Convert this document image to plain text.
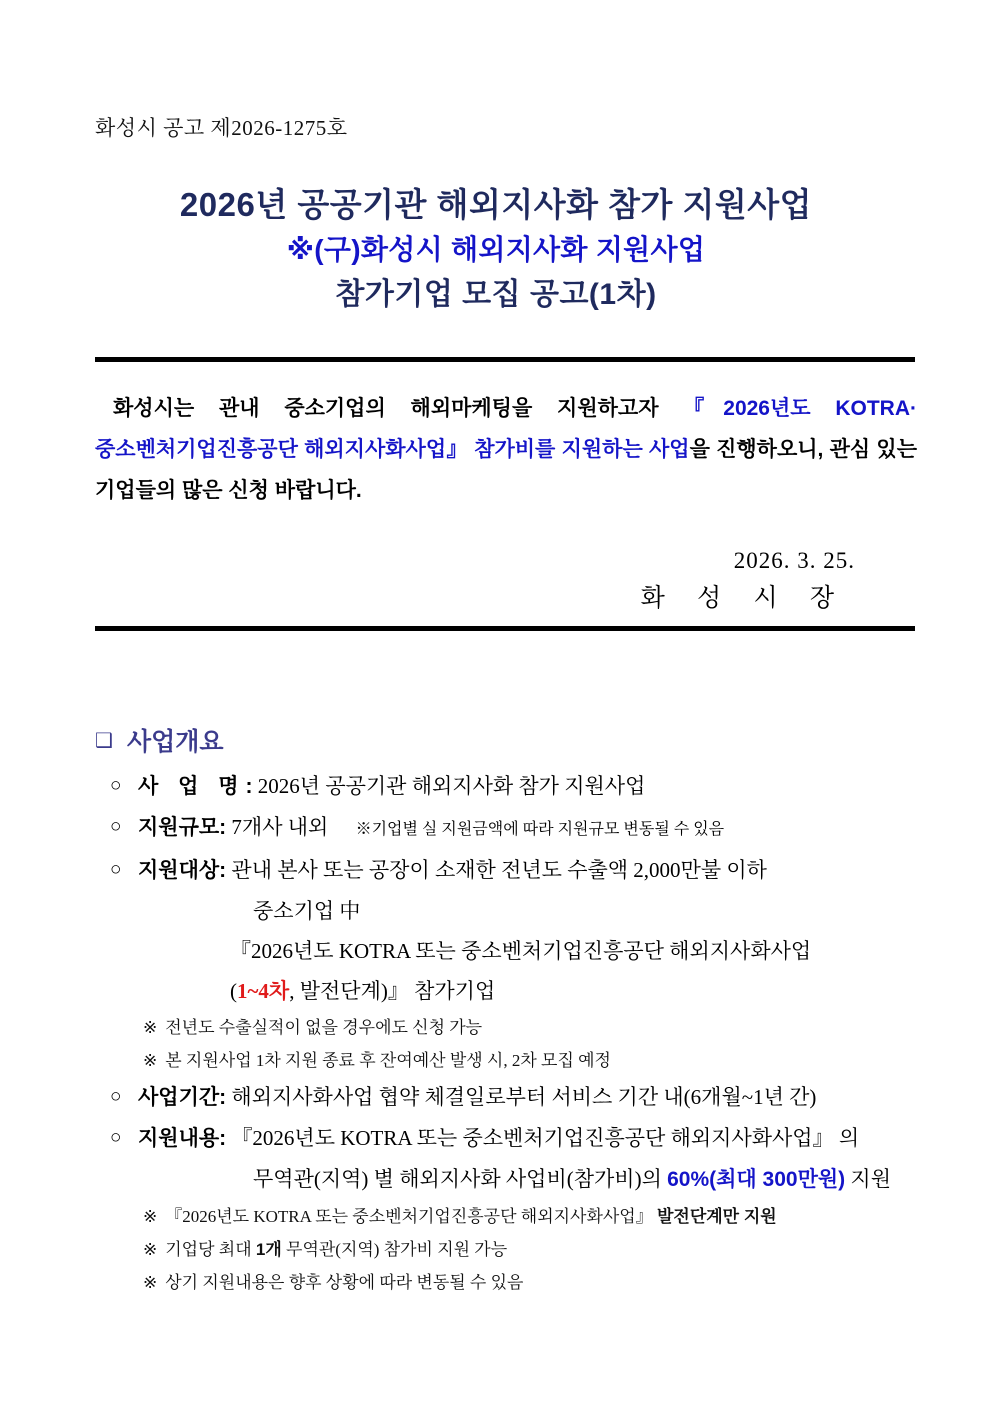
화성시 공고 제2026-1275호
2026년 공공기관 해외지사화 참가 지원사업
※(구)화성시 해외지사화 지원사업
참가기업 모집 공고(1차)
화성시는 관내 중소기업의 해외마케팅을 지원하고자 『2026년도 KOTRA·중소벤처기업진흥공단 해외지사화사업』 참가비를 지원하는 사업을 진행하오니, 관심 있는 기업들의 많은 신청 바랍니다.
2026. 3. 25.
화 성 시 장
❑ 사업개요
○ 사 업 명: 2026년 공공기관 해외지사화 참가 지원사업
○ 지원규모: 7개사 내외 ※기업별 실 지원금액에 따라 지원규모 변동될 수 있음
○ 지원대상: 관내 본사 또는 공장이 소재한 전년도 수출액 2,000만불 이하
중소기업 中
『2026년도 KOTRA 또는 중소벤처기업진흥공단 해외지사화사업
(1~4차, 발전단계)』 참가기업
※ 전년도 수출실적이 없을 경우에도 신청 가능
※ 본 지원사업 1차 지원 종료 후 잔여예산 발생 시, 2차 모집 예정
○ 사업기간: 해외지사화사업 협약 체결일로부터 서비스 기간 내(6개월~1년 간)
○ 지원내용: 『2026년도 KOTRA 또는 중소벤처기업진흥공단 해외지사화사업』 의
무역관(지역) 별 해외지사화 사업비(참가비)의 60%(최대 300만원) 지원
※ 『2026년도 KOTRA 또는 중소벤처기업진흥공단 해외지사화사업』 발전단계만 지원
※ 기업당 최대 1개 무역관(지역) 참가비 지원 가능
※ 상기 지원내용은 향후 상황에 따라 변동될 수 있음
